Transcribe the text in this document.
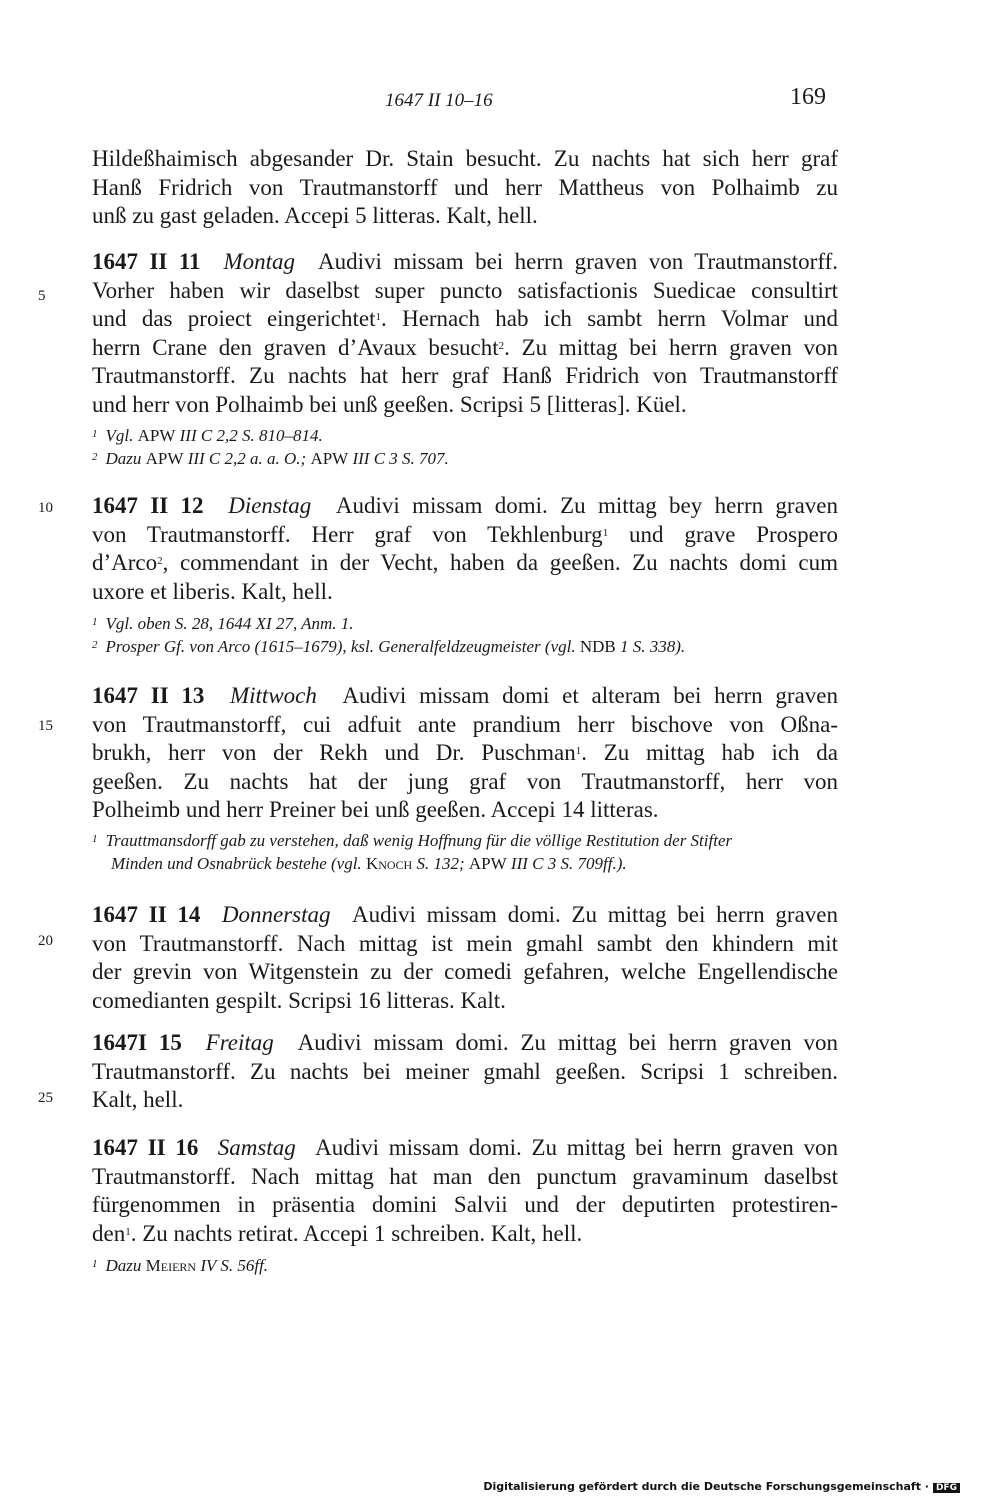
1647 II 10–16	169
5
10
15
20
25
Hildeßhaimisch abgesander Dr. Stain besucht. Zu nachts hat sich herr graf
Hanß Fridrich von Trautmanstorff und herr Mattheus von Polhaimb zu
unß zu gast geladen. Accepi 5 litteras. Kalt, hell.
1647 II 11 Montag Audivi missam bei herrn graven von Trautmanstorff.
Vorher haben wir daselbst super puncto satisfactionis Suedicae consultirt
und das proiect eingerichtet$^1$. Hernach hab ich sambt herrn Volmar und
herrn Crane den graven d’Avaux besucht$^2$. Zu mittag bei herrn graven von
Trautmanstorff. Zu nachts hat herr graf Hanß Fridrich von Trautmanstorff
und herr von Polhaimb bei unß geeßen. Scripsi 5 [litteras]. Küel.
$^1$ Vgl. APW III C 2,2 S. 810–814.
$^2$ Dazu APW III C 2,2 a. a. O.; APW III C 3 S. 707.
1647 II 12 Dienstag Audivi missam domi. Zu mittag bey herrn graven
von Trautmanstorff. Herr graf von Tekhlenburg$^1$ und grave Prospero
d’Arco$^2$, commendant in der Vecht, haben da geeßen. Zu nachts domi cum
uxore et liberis. Kalt, hell.
$^1$ Vgl. oben S. 28, 1644 XI 27, Anm. 1.
$^2$ Prosper Gf. von Arco (1615–1679), ksl. Generalfeldzeugmeister (vgl. NDB 1 S. 338).
1647 II 13 Mittwoch Audivi missam domi et alteram bei herrn graven
von Trautmanstorff, cui adfuit ante prandium herr bischove von Oßna-
brukh, herr von der Rekh und Dr. Puschman$^1$. Zu mittag hab ich da
geeßen. Zu nachts hat der jung graf von Trautmanstorff, herr von
Polheimb und herr Preiner bei unß geeßen. Accepi 14 litteras.
$^1$ Trauttmansdorff gab zu verstehen, daß wenig Hoffnung für die völlige Restitution der Stifter
Minden und Osnabrück bestehe (vgl. Knoch S. 132; APW III C 3 S. 709ff.).
1647 II 14 Donnerstag Audivi missam domi. Zu mittag bei herrn graven
von Trautmanstorff. Nach mittag ist mein gmahl sambt den khindern mit
der grevin von Witgenstein zu der comedi gefahren, welche Engellendische
comedianten gespilt. Scripsi 16 litteras. Kalt.
1647I 15 Freitag Audivi missam domi. Zu mittag bei herrn graven von
Trautmanstorff. Zu nachts bei meiner gmahl geeßen. Scripsi 1 schreiben.
Kalt, hell.
1647 II 16 Samstag Audivi missam domi. Zu mittag bei herrn graven von
Trautmanstorff. Nach mittag hat man den punctum gravaminum daselbst
fürgenommen in präsentia domini Salvii und der deputirten protestiren-
den$^1$. Zu nachts retirat. Accepi 1 schreiben. Kalt, hell.
$^1$ Dazu Meiern IV S. 56ff.
Digitalisierung gefördert durch die Deutsche Forschungsgemeinschaft · DFG
